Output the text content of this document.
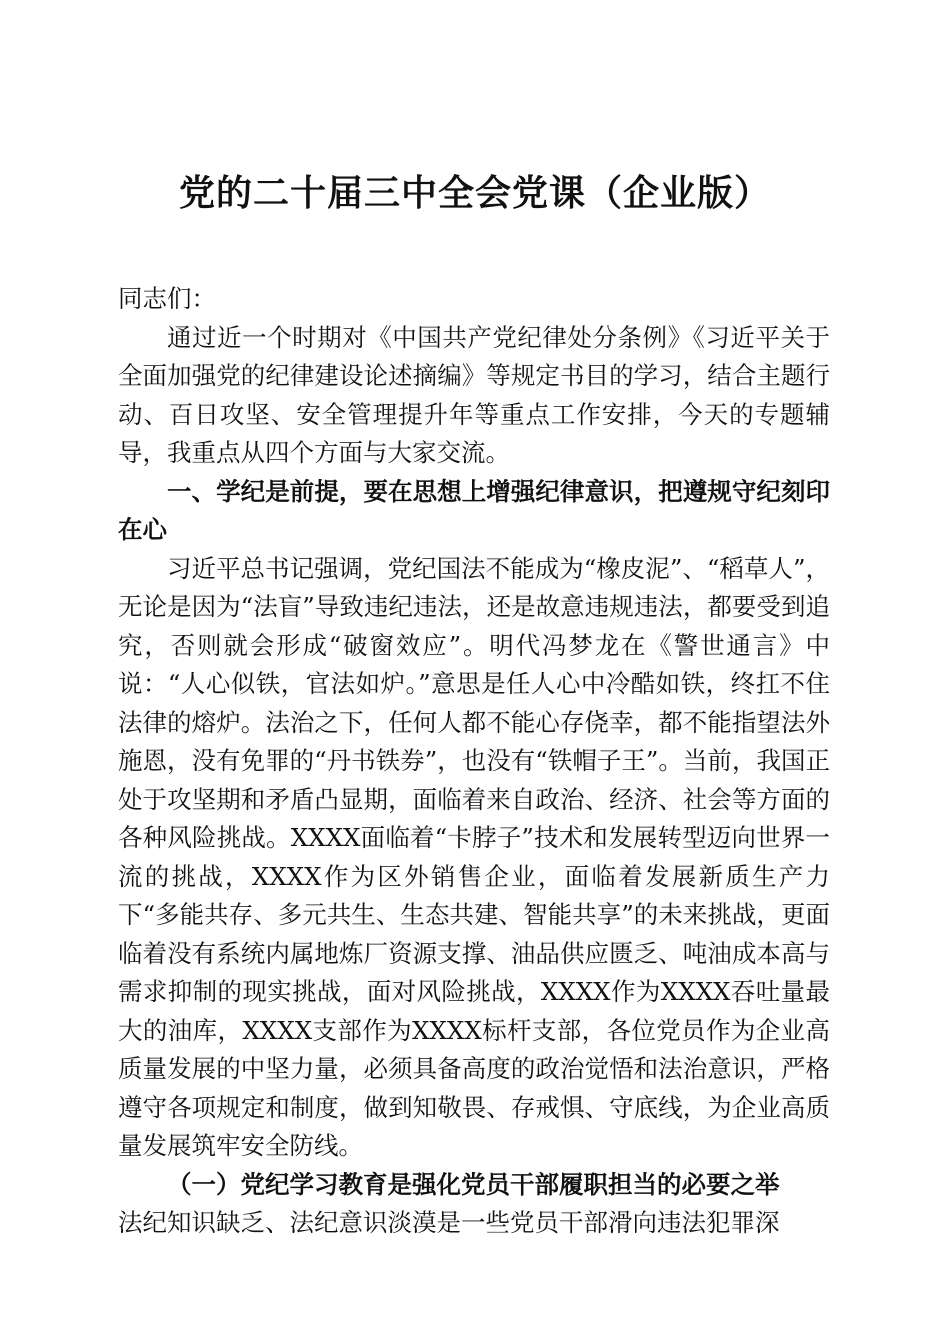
党的二十届三中全会党课（企业版）

同志们：

通过近一个时期对《中国共产党纪律处分条例》《习近平关于全面加强党的纪律建设论述摘编》等规定书目的学习，结合主题行动、百日攻坚、安全管理提升年等重点工作安排，今天的专题辅导，我重点从四个方面与大家交流。

一、学纪是前提，要在思想上增强纪律意识，把遵规守纪刻印在心

习近平总书记强调，党纪国法不能成为“橡皮泥”、“稻草人”，无论是因为“法盲”导致违纪违法，还是故意违规违法，都要受到追究，否则就会形成“破窗效应”。明代冯梦龙在《警世通言》中说：“人心似铁，官法如炉。”意思是任人心中冷酷如铁，终扛不住法律的熔炉。法治之下，任何人都不能心存侥幸，都不能指望法外施恩，没有免罪的“丹书铁券”，也没有“铁帽子王”。当前，我国正处于攻坚期和矛盾凸显期，面临着来自政治、经济、社会等方面的各种风险挑战。XXXX面临着“卡脖子”技术和发展转型迈向世界一流的挑战，XXXX作为区外销售企业，面临着发展新质生产力下“多能共存、多元共生、生态共建、智能共享”的未来挑战，更面临着没有系统内属地炼厂资源支撑、油品供应匮乏、吨油成本高与需求抑制的现实挑战，面对风险挑战，XXXX作为XXXX吞吐量最大的油库，XXXX支部作为XXXX标杆支部，各位党员作为企业高质量发展的中坚力量，必须具备高度的政治觉悟和法治意识，严格遵守各项规定和制度，做到知敬畏、存戒惧、守底线，为企业高质量发展筑牢安全防线。

（一）党纪学习教育是强化党员干部履职担当的必要之举

法纪知识缺乏、法纪意识淡漠是一些党员干部滑向违法犯罪深
